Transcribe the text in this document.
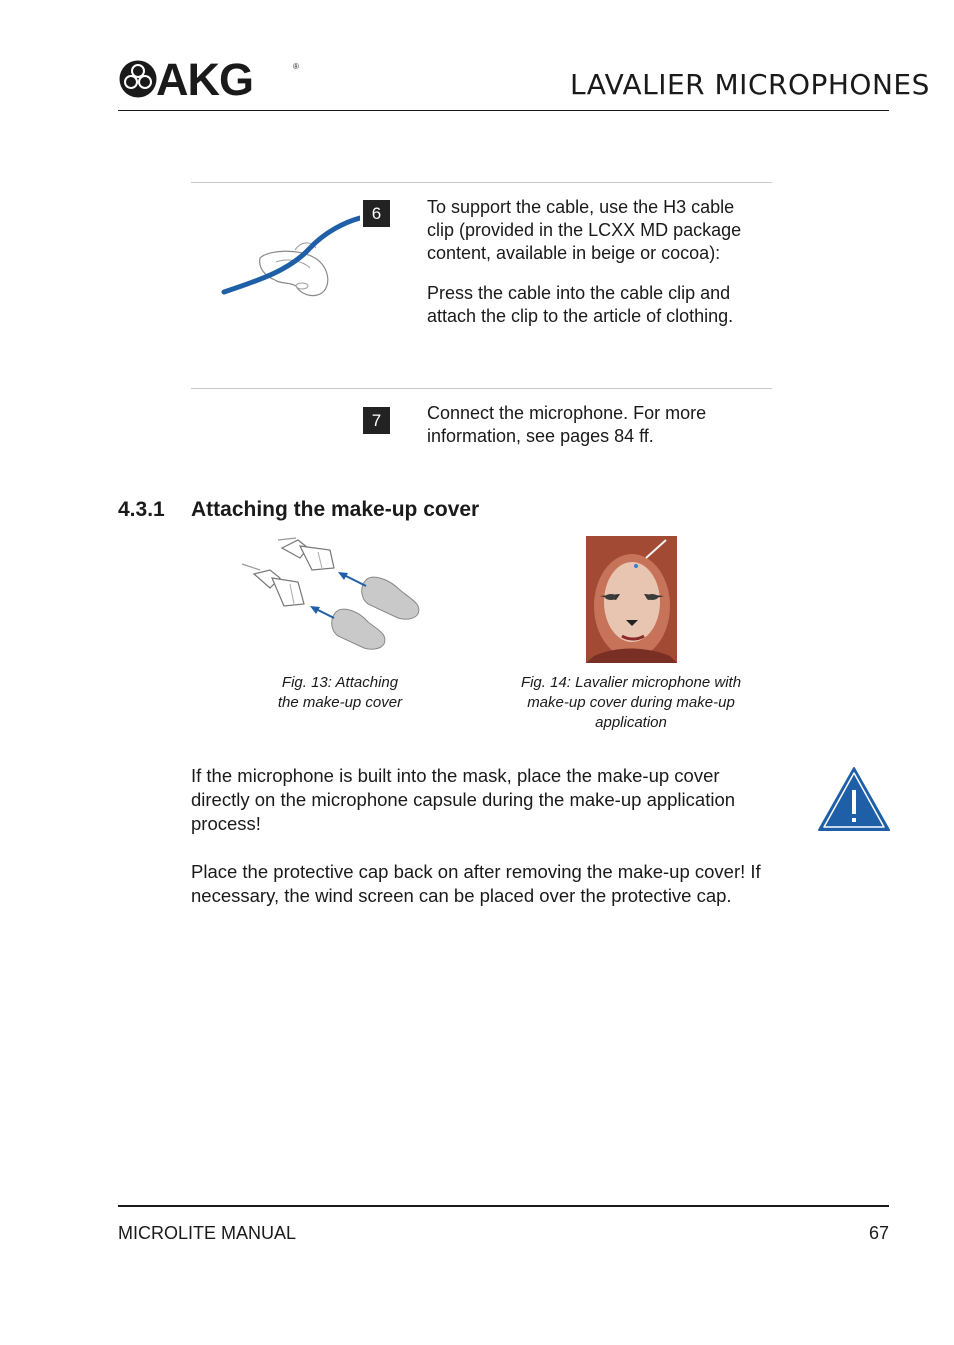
AKG	®
LAVALIER MICROPHONES
6	To support the cable, use the H3 cable clip (provided in the LCXX MD package content, available in beige or cocoa):
Press the cable into the cable clip and attach the clip to the article of clothing.
7	Connect the microphone. For more information, see pages 84 ff.
4.3.1 Attaching the make-up cover
Fig. 13: Attaching
the make-up cover
Fig. 14: Lavalier microphone with
make-up cover during make-up
application
If the microphone is built into the mask, place the make-up cover directly on the microphone capsule during the make-up application process!
Place the protective cap back on after removing the make-up cover! If necessary, the wind screen can be placed over the protective cap.
MICROLITE MANUAL	67
